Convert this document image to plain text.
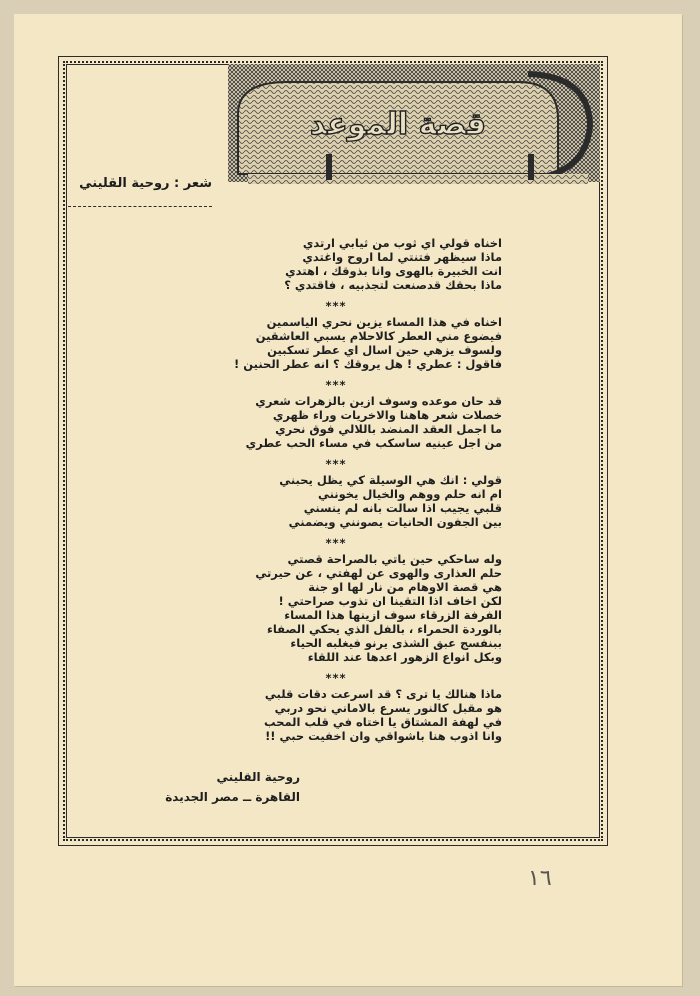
قصة الموعد
شعر : روحية القليني
اخناه قولي اي ثوب من ثيابي ارتدي
ماذا سيظهر فتنتي لما اروح واغتدي
انت الخبيرة بالهوى وانا بذوقك ، اهتدي
ماذا بحقك قدصنعت لتجذبيه ، فاقتدي ؟
***
اخناه في هذا المساء يزين نحري الياسمين
فيضوع مني العطر كالاحلام يسبي العاشقين
ولسوف يزهي حين اسال اي عطر تسكبين
فاقول : عطري ! هل يروقك ؟ انه عطر الحنين !
***
قد حان موعده وسوف ازين بالزهرات شعري
خصلات شعر هاهنا والاخريات وراء ظهري
ما اجمل العقد المنضد باللالي فوق نحري
من اجل عينيه ساسكب في مساء الحب عطري
***
قولي : انك هي الوسيلة كي يظل يحبني
ام انه حلم ووهم والخيال يخونني
قلبي يجيب اذا سالت بانه لم ينسني
بين الجفون الحانيات يصونني ويضمني
***
وله ساحكي حين ياتي بالصراحة قصتي
حلم العذارى والهوى عن لهفتي ، عن حيرتي
هي قصة الاوهام من نار لها او جنة
لكن اخاف اذا التقينا ان تذوب صراحتي !
الفرفة الزرقاء سوف ازينها هذا المساء
بالوردة الحمراء ، بالفل الذي يحكي الصفاء
ببنفسج عبق الشذى يرنو فيغلبه الحياء
وبكل انواع الزهور اعدها عند اللقاء
***
ماذا هنالك يا ترى ؟ قد اسرعت دقات قلبي
هو مقبل كالنور يسرع بالاماني نحو دربي
في لهفة المشتاق يا اختاه في قلب المحب
وانا اذوب هنا باشواقي وان اخفيت حبي !!
روحية القليني
القاهرة ــ مصر الجديدة
١٦
